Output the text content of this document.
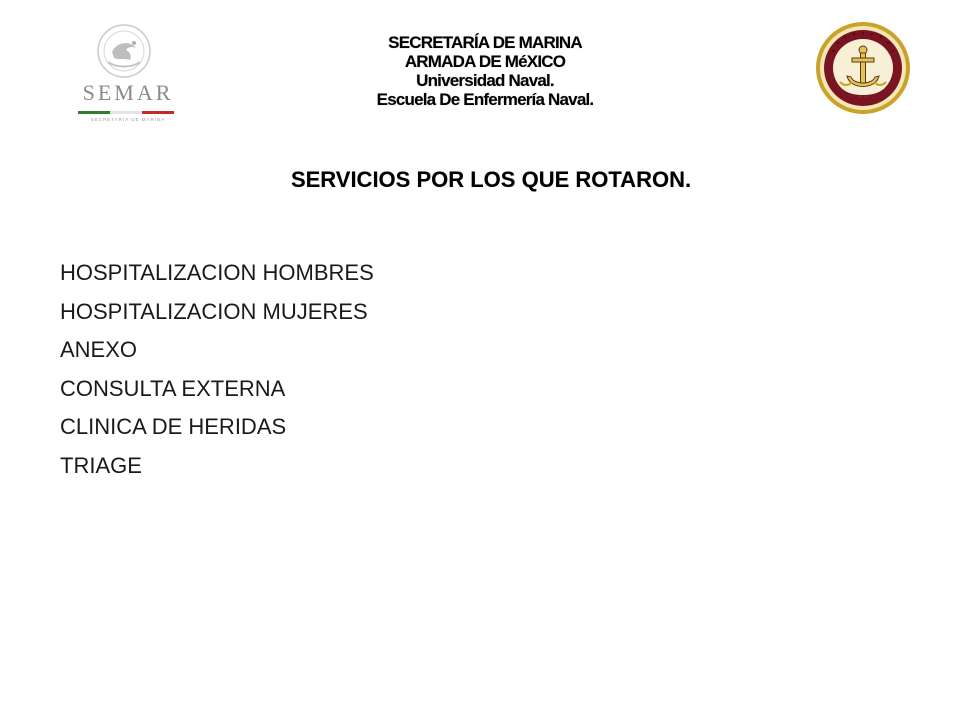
SEMAR
SECRETARÍA DE MARINA
SECRETARÍA DE MARINA
ARMADA DE MéXICO
Universidad Naval.
Escuela De Enfermería Naval.
SERVICIOS POR LOS QUE ROTARON.
HOSPITALIZACION HOMBRES
HOSPITALIZACION MUJERES
ANEXO
CONSULTA EXTERNA
CLINICA DE HERIDAS
TRIAGE
